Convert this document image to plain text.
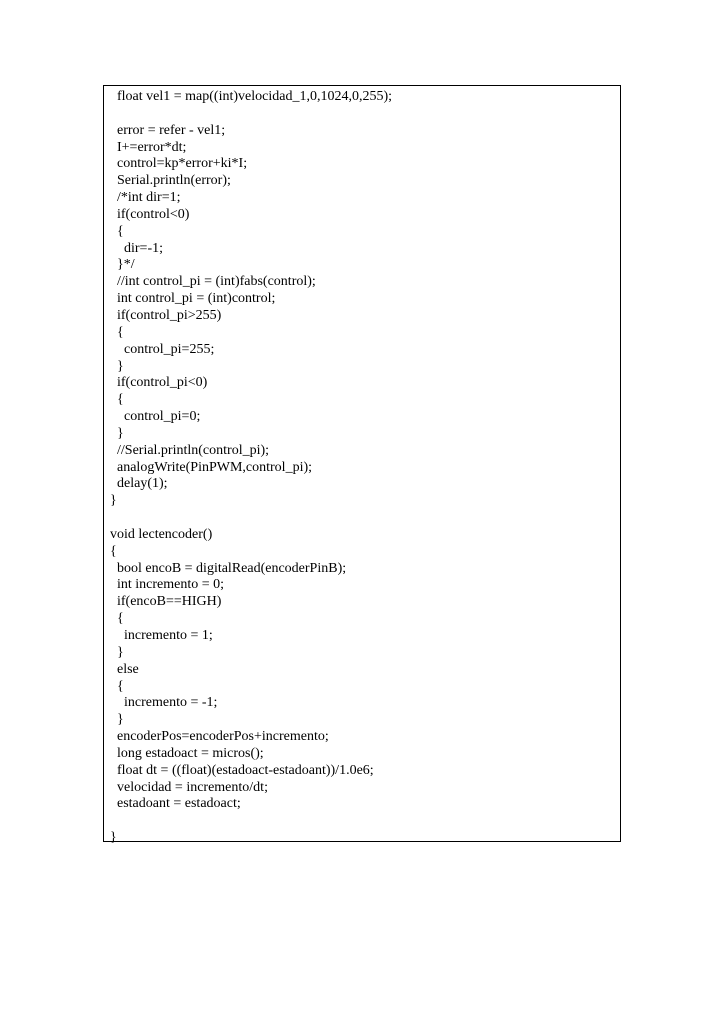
float vel1 = map((int)velocidad_1,0,1024,0,255);
error = refer - vel1;
I+=error*dt;
control=kp*error+ki*I;
Serial.println(error);
/*int dir=1;
if(control<0)
{
dir=-1;
}*/
//int control_pi = (int)fabs(control);
int control_pi = (int)control;
if(control_pi>255)
{
control_pi=255;
}
if(control_pi<0)
{
control_pi=0;
}
//Serial.println(control_pi);
analogWrite(PinPWM,control_pi);
delay(1);
}
void lectencoder()
{
bool encoB = digitalRead(encoderPinB);
int incremento = 0;
if(encoB==HIGH)
{
incremento = 1;
}
else
{
incremento = -1;
}
encoderPos=encoderPos+incremento;
long estadoact = micros();
float dt = ((float)(estadoact-estadoant))/1.0e6;
velocidad = incremento/dt;
estadoant = estadoact;
}
